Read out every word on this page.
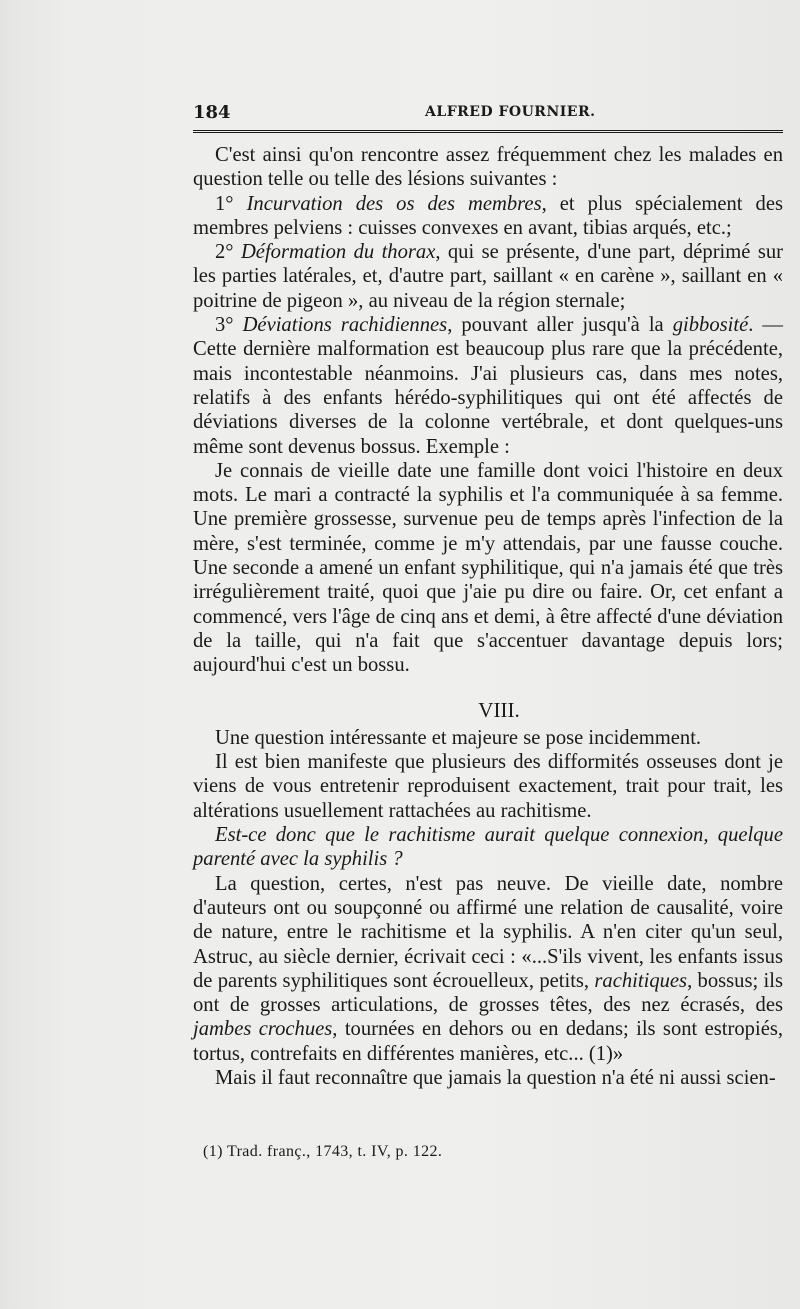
184	ALFRED FOURNIER.

C'est ainsi qu'on rencontre assez fréquemment chez les malades en question telle ou telle des lésions suivantes :

1° Incurvation des os des membres, et plus spécialement des membres pelviens : cuisses convexes en avant, tibias arqués, etc.;

2° Déformation du thorax, qui se présente, d'une part, déprimé sur les parties latérales, et, d'autre part, saillant « en carène », saillant en « poitrine de pigeon », au niveau de la région sternale;

3° Déviations rachidiennes, pouvant aller jusqu'à la gibbosité. — Cette dernière malformation est beaucoup plus rare que la précédente, mais incontestable néanmoins. J'ai plusieurs cas, dans mes notes, relatifs à des enfants hérédo-syphilitiques qui ont été affectés de déviations diverses de la colonne vertébrale, et dont quelques-uns même sont devenus bossus. Exemple :

Je connais de vieille date une famille dont voici l'histoire en deux mots. Le mari a contracté la syphilis et l'a communiquée à sa femme. Une première grossesse, survenue peu de temps après l'infection de la mère, s'est terminée, comme je m'y attendais, par une fausse couche. Une seconde a amené un enfant syphilitique, qui n'a jamais été que très irrégulièrement traité, quoi que j'aie pu dire ou faire. Or, cet enfant a commencé, vers l'âge de cinq ans et demi, à être affecté d'une déviation de la taille, qui n'a fait que s'accentuer davantage depuis lors; aujourd'hui c'est un bossu.

VIII.

Une question intéressante et majeure se pose incidemment.

Il est bien manifeste que plusieurs des difformités osseuses dont je viens de vous entretenir reproduisent exactement, trait pour trait, les altérations usuellement rattachées au rachitisme.

Est-ce donc que le rachitisme aurait quelque connexion, quelque parenté avec la syphilis ?

La question, certes, n'est pas neuve. De vieille date, nombre d'auteurs ont ou soupçonné ou affirmé une relation de causalité, voire de nature, entre le rachitisme et la syphilis. A n'en citer qu'un seul, Astruc, au siècle dernier, écrivait ceci : «...S'ils vivent, les enfants issus de parents syphilitiques sont écrouelleux, petits, rachitiques, bossus; ils ont de grosses articulations, de grosses têtes, des nez écrasés, des jambes crochues, tournées en dehors ou en dedans; ils sont estropiés, tortus, contrefaits en différentes manières, etc... (1)»

Mais il faut reconnaître que jamais la question n'a été ni aussi scien-

(1) Trad. franç., 1743, t. IV, p. 122.
